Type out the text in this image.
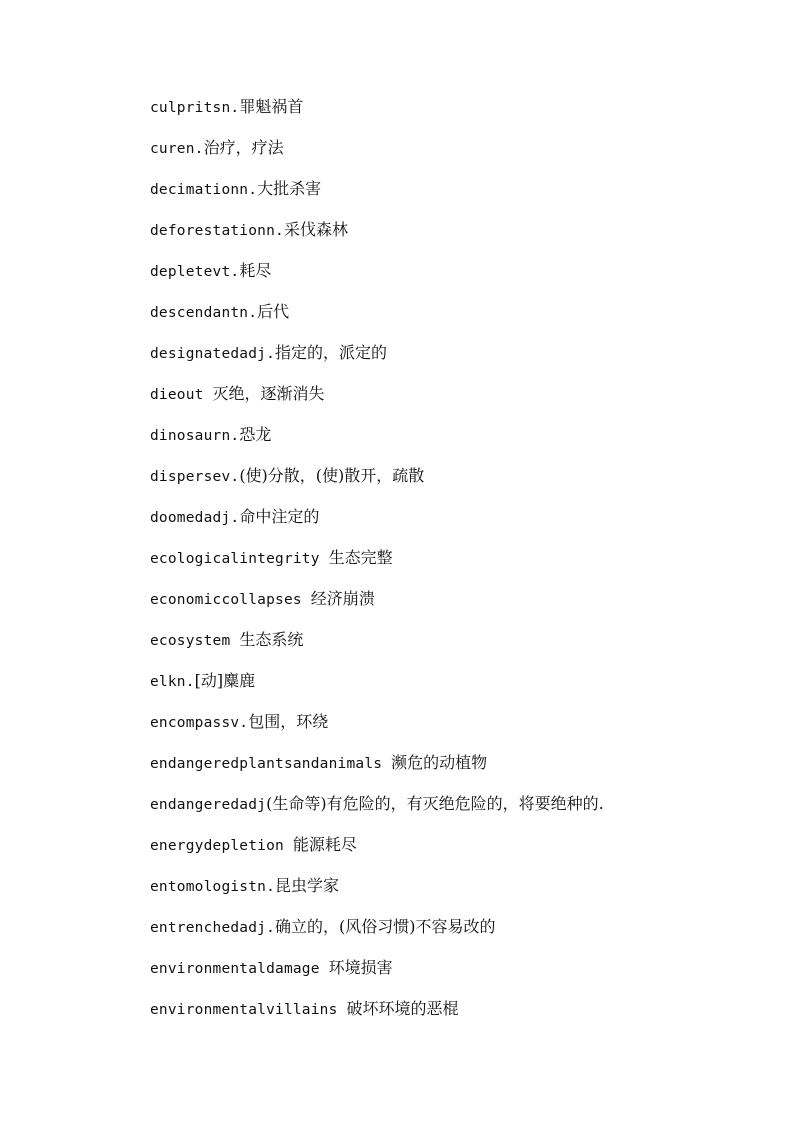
culpritsn.罪魁祸首
curen.治疗，疗法
decimationn.大批杀害
deforestationn.采伐森林
depletevt.耗尽
descendantn.后代
designatedadj.指定的，派定的
dieout 灭绝，逐渐消失
dinosaurn.恐龙
dispersev.(使)分散，(使)散开，疏散
doomedadj.命中注定的
ecologicalintegrity 生态完整
economiccollapses 经济崩溃
ecosystem 生态系统
elkn.[动]麋鹿
encompassv.包围，环绕
endangeredplantsandanimals 濒危的动植物
endangeredadj(生命等)有危险的，有灭绝危险的，将要绝种的.
energydepletion 能源耗尽
entomologistn.昆虫学家
entrenchedadj.确立的，(风俗习惯)不容易改的
environmentaldamage 环境损害
environmentalvillains 破坏环境的恶棍
